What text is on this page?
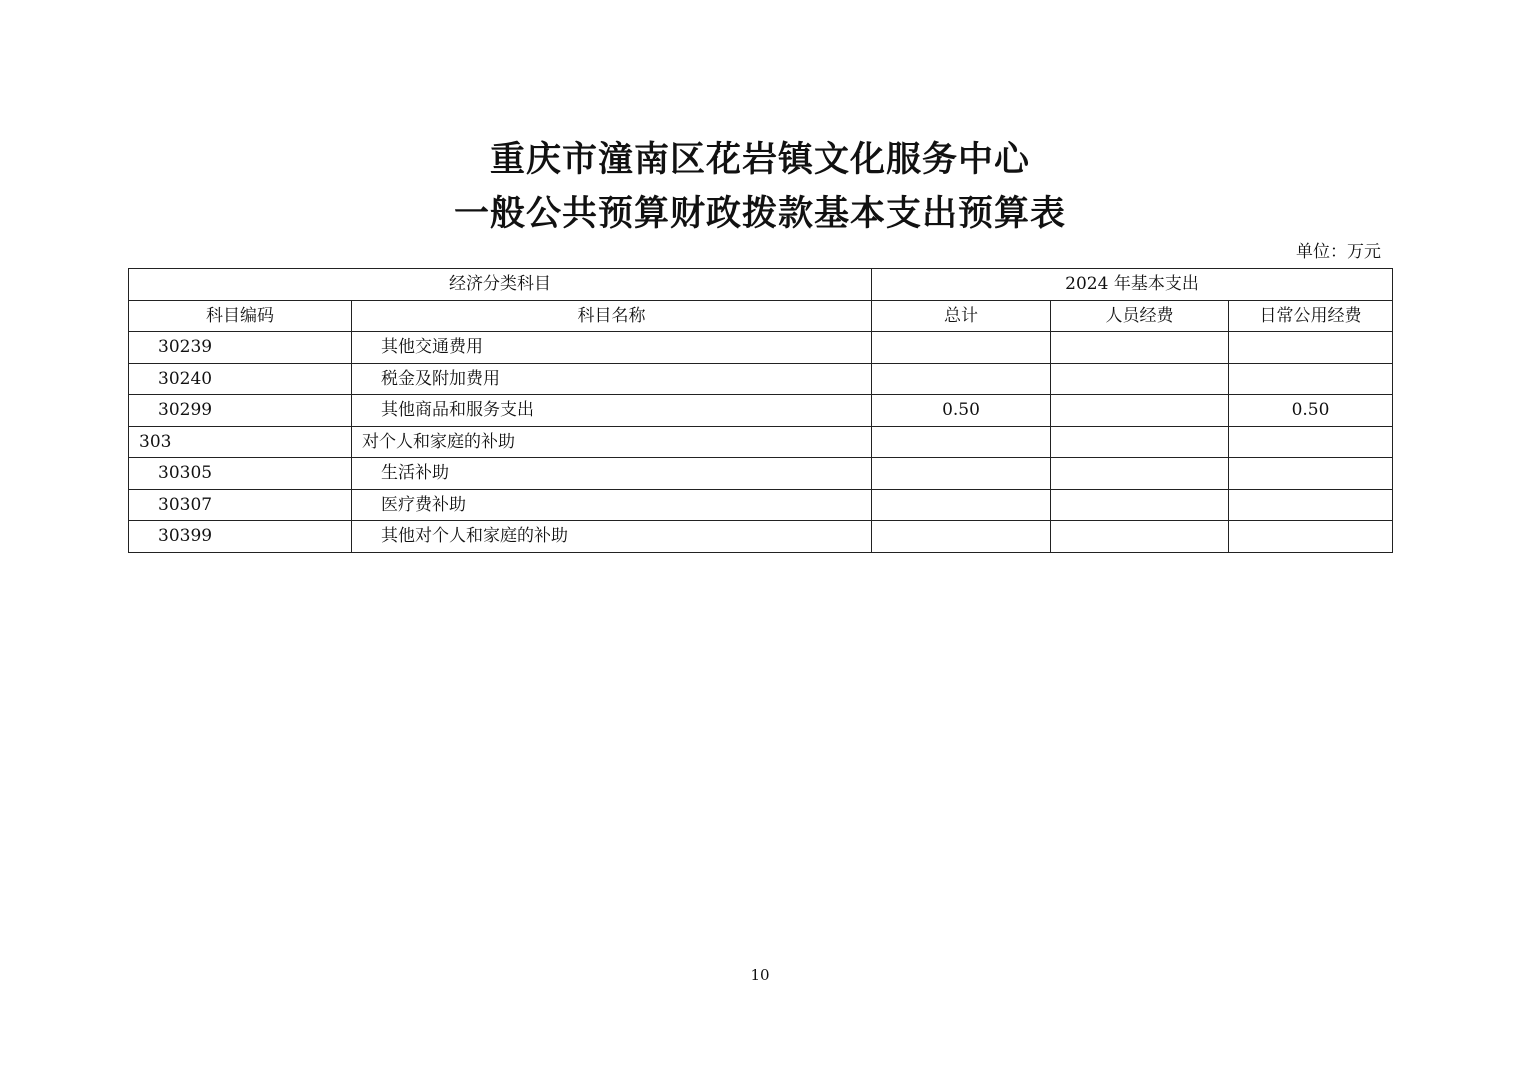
重庆市潼南区花岩镇文化服务中心
一般公共预算财政拨款基本支出预算表
单位：万元
经济分类科目		2024 年基本支出		
科目编码	科目名称	总计	人员经费	日常公用经费
30239	其他交通费用			
30240	税金及附加费用			
30299	其他商品和服务支出	0.50		0.50
303	对个人和家庭的补助			
30305	生活补助			
30307	医疗费补助			
30399	其他对个人和家庭的补助			
10
